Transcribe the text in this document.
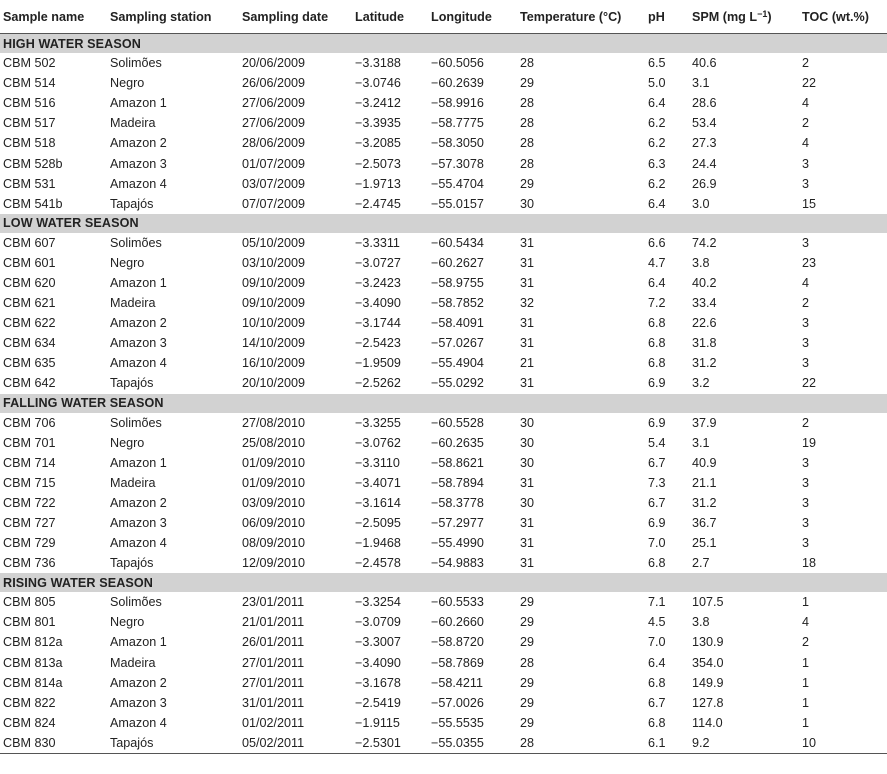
Sample name	Sampling station	Sampling date	Latitude	Longitude	Temperature (°C)	pH	SPM (mg $L^{-1}$)	TOC (wt.%)
HIGH WATER SEASON								
CBM 502	Solimões	20/06/2009	−3.3188	−60.5056	28	6.5	40.6	2
CBM 514	Negro	26/06/2009	−3.0746	−60.2639	29	5.0	3.1	22
CBM 516	Amazon 1	27/06/2009	−3.2412	−58.9916	28	6.4	28.6	4
CBM 517	Madeira	27/06/2009	−3.3935	−58.7775	28	6.2	53.4	2
CBM 518	Amazon 2	28/06/2009	−3.2085	−58.3050	28	6.2	27.3	4
CBM 528b	Amazon 3	01/07/2009	−2.5073	−57.3078	28	6.3	24.4	3
CBM 531	Amazon 4	03/07/2009	−1.9713	−55.4704	29	6.2	26.9	3
CBM 541b	Tapajós	07/07/2009	−2.4745	−55.0157	30	6.4	3.0	15
LOW WATER SEASON								
CBM 607	Solimões	05/10/2009	−3.3311	−60.5434	31	6.6	74.2	3
CBM 601	Negro	03/10/2009	−3.0727	−60.2627	31	4.7	3.8	23
CBM 620	Amazon 1	09/10/2009	−3.2423	−58.9755	31	6.4	40.2	4
CBM 621	Madeira	09/10/2009	−3.4090	−58.7852	32	7.2	33.4	2
CBM 622	Amazon 2	10/10/2009	−3.1744	−58.4091	31	6.8	22.6	3
CBM 634	Amazon 3	14/10/2009	−2.5423	−57.0267	31	6.8	31.8	3
CBM 635	Amazon 4	16/10/2009	−1.9509	−55.4904	21	6.8	31.2	3
CBM 642	Tapajós	20/10/2009	−2.5262	−55.0292	31	6.9	3.2	22
FALLING WATER SEASON								
CBM 706	Solimões	27/08/2010	−3.3255	−60.5528	30	6.9	37.9	2
CBM 701	Negro	25/08/2010	−3.0762	−60.2635	30	5.4	3.1	19
CBM 714	Amazon 1	01/09/2010	−3.3110	−58.8621	30	6.7	40.9	3
CBM 715	Madeira	01/09/2010	−3.4071	−58.7894	31	7.3	21.1	3
CBM 722	Amazon 2	03/09/2010	−3.1614	−58.3778	30	6.7	31.2	3
CBM 727	Amazon 3	06/09/2010	−2.5095	−57.2977	31	6.9	36.7	3
CBM 729	Amazon 4	08/09/2010	−1.9468	−55.4990	31	7.0	25.1	3
CBM 736	Tapajós	12/09/2010	−2.4578	−54.9883	31	6.8	2.7	18
RISING WATER SEASON								
CBM 805	Solimões	23/01/2011	−3.3254	−60.5533	29	7.1	107.5	1
CBM 801	Negro	21/01/2011	−3.0709	−60.2660	29	4.5	3.8	4
CBM 812a	Amazon 1	26/01/2011	−3.3007	−58.8720	29	7.0	130.9	2
CBM 813a	Madeira	27/01/2011	−3.4090	−58.7869	28	6.4	354.0	1
CBM 814a	Amazon 2	27/01/2011	−3.1678	−58.4211	29	6.8	149.9	1
CBM 822	Amazon 3	31/01/2011	−2.5419	−57.0026	29	6.7	127.8	1
CBM 824	Amazon 4	01/02/2011	−1.9115	−55.5535	29	6.8	114.0	1
CBM 830	Tapajós	05/02/2011	−2.5301	−55.0355	28	6.1	9.2	10
